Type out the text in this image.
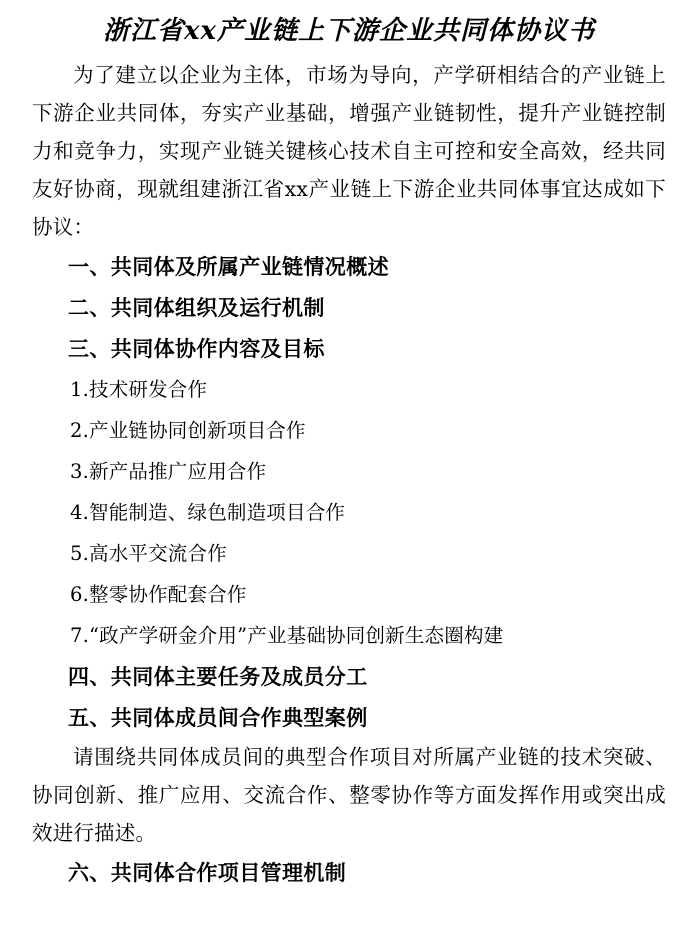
浙江省xx产业链上下游企业共同体协议书

为了建立以企业为主体，市场为导向，产学研相结合的产业链上下游企业共同体，夯实产业基础，增强产业链韧性，提升产业链控制力和竞争力，实现产业链关键核心技术自主可控和安全高效，经共同友好协商，现就组建浙江省xx产业链上下游企业共同体事宜达成如下协议：

一、共同体及所属产业链情况概述
二、共同体组织及运行机制
三、共同体协作内容及目标

1.技术研发合作

2.产业链协同创新项目合作

3.新产品推广应用合作

4.智能制造、绿色制造项目合作

5.高水平交流合作

6.整零协作配套合作

7.“政产学研金介用”产业基础协同创新生态圈构建

四、共同体主要任务及成员分工
五、共同体成员间合作典型案例

请围绕共同体成员间的典型合作项目对所属产业链的技术突破、协同创新、推广应用、交流合作、整零协作等方面发挥作用或突出成效进行描述。

六、共同体合作项目管理机制
